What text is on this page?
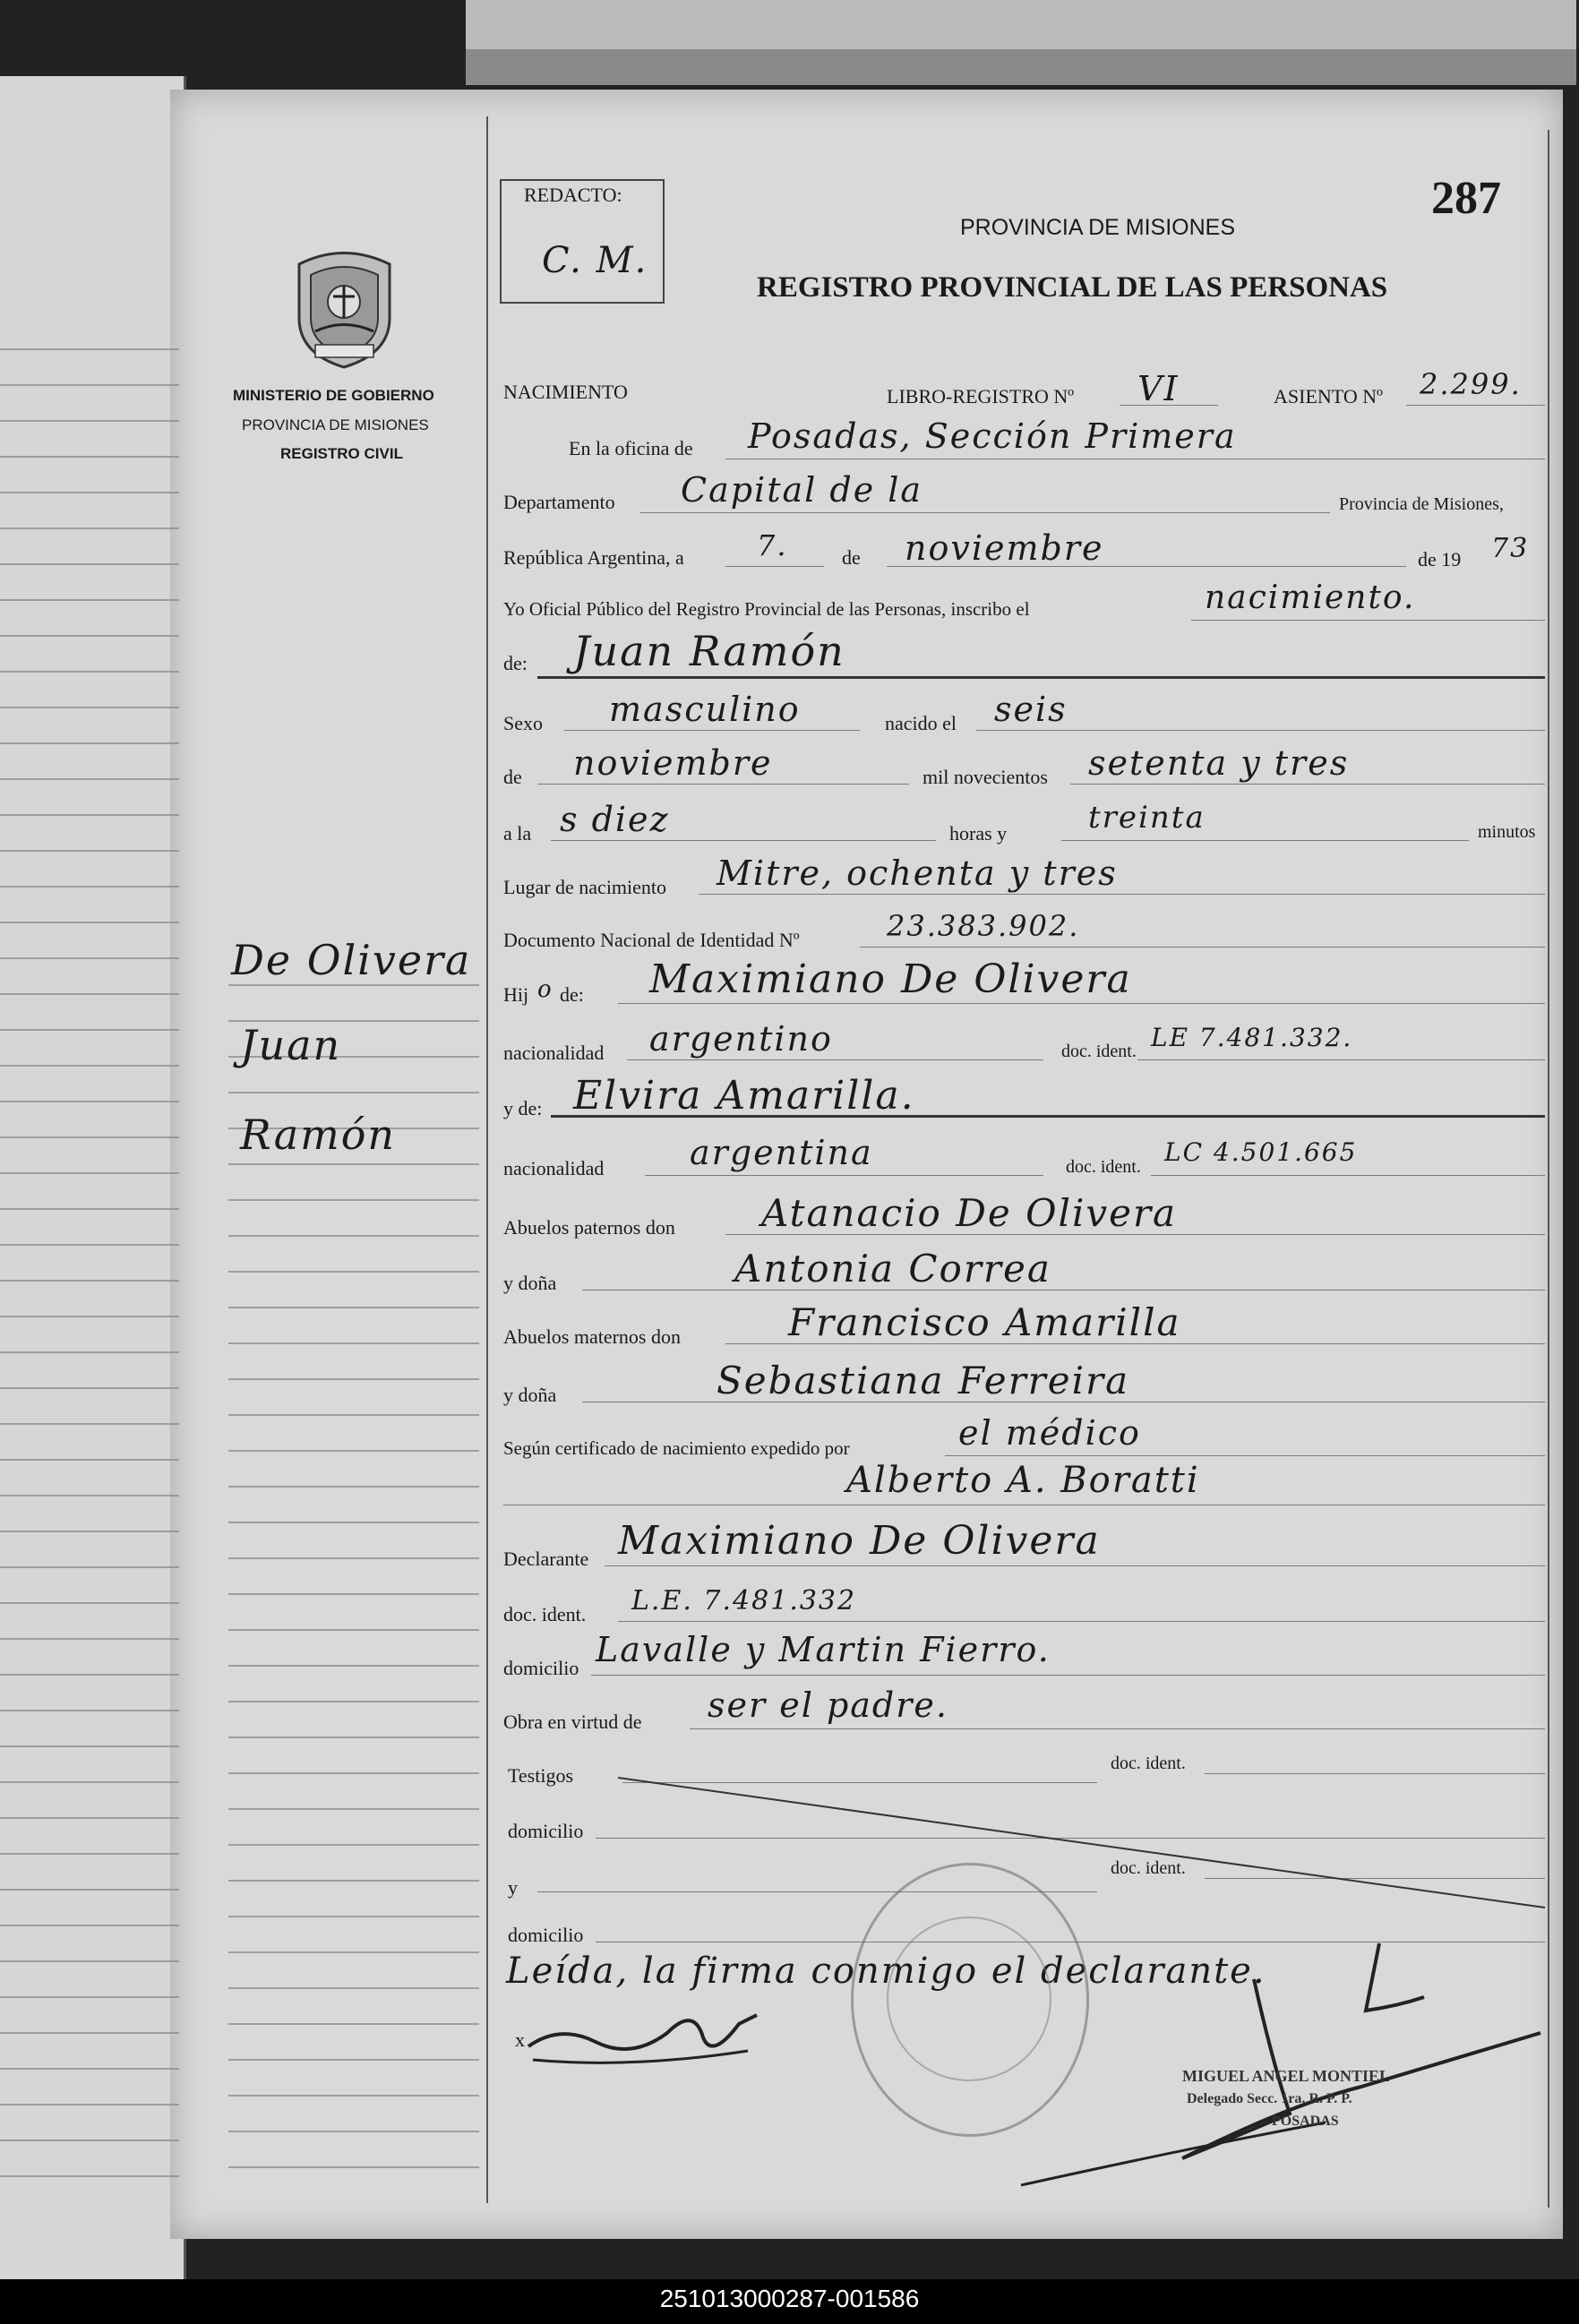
REDACTO:
C. M.
PROVINCIA DE MISIONES
REGISTRO PROVINCIAL DE LAS PERSONAS
287
MINISTERIO DE GOBIERNO
PROVINCIA DE MISIONES
REGISTRO CIVIL
De Olivera
Juan
Ramón
NACIMIENTO	LIBRO-REGISTRO Nº VI	ASIENTO Nº 2.299.
En la oficina de Posadas, Sección Primera
Departamento Capital de la	Provincia de Misiones,
República Argentina, a	7.	de noviembre	de 19 73
Yo Oficial Público del Registro Provincial de las Personas, inscribo el	nacimiento.
de: Juan Ramón
Sexo masculino	nacido el seis
de noviembre	mil novecientos setenta y tres
a la s diez	horas y	treinta	minutos
Lugar de nacimiento Mitre, ochenta y tres
Documento Nacional de Identidad Nº	23.383.902.
Hij o de: Maximiano De Olivera
nacionalidad argentino	doc. ident. LE 7.481.332.
y de: Elvira Amarilla.
nacionalidad	argentina	doc. ident. LC 4.501.665
Abuelos paternos don Atanacio De Olivera
y doña	Antonia Correa
Abuelos maternos don	Francisco Amarilla
y doña	Sebastiana Ferreira
Según certificado de nacimiento expedido por	el médico
Alberto A. Boratti
Declarante Maximiano De Olivera
doc. ident. L.E. 7.481.332
domicilio Lavalle y Martin Fierro.
Obra en virtud de ser el padre.
Testigos
doc. ident.
domicilio
y
doc. ident.
domicilio
Leída, la firma conmigo el declarante.
x
MIGUEL ANGEL MONTIEL
Delegado Secc. 1ra. R. P. P.
POSADAS
251013000287-001586
